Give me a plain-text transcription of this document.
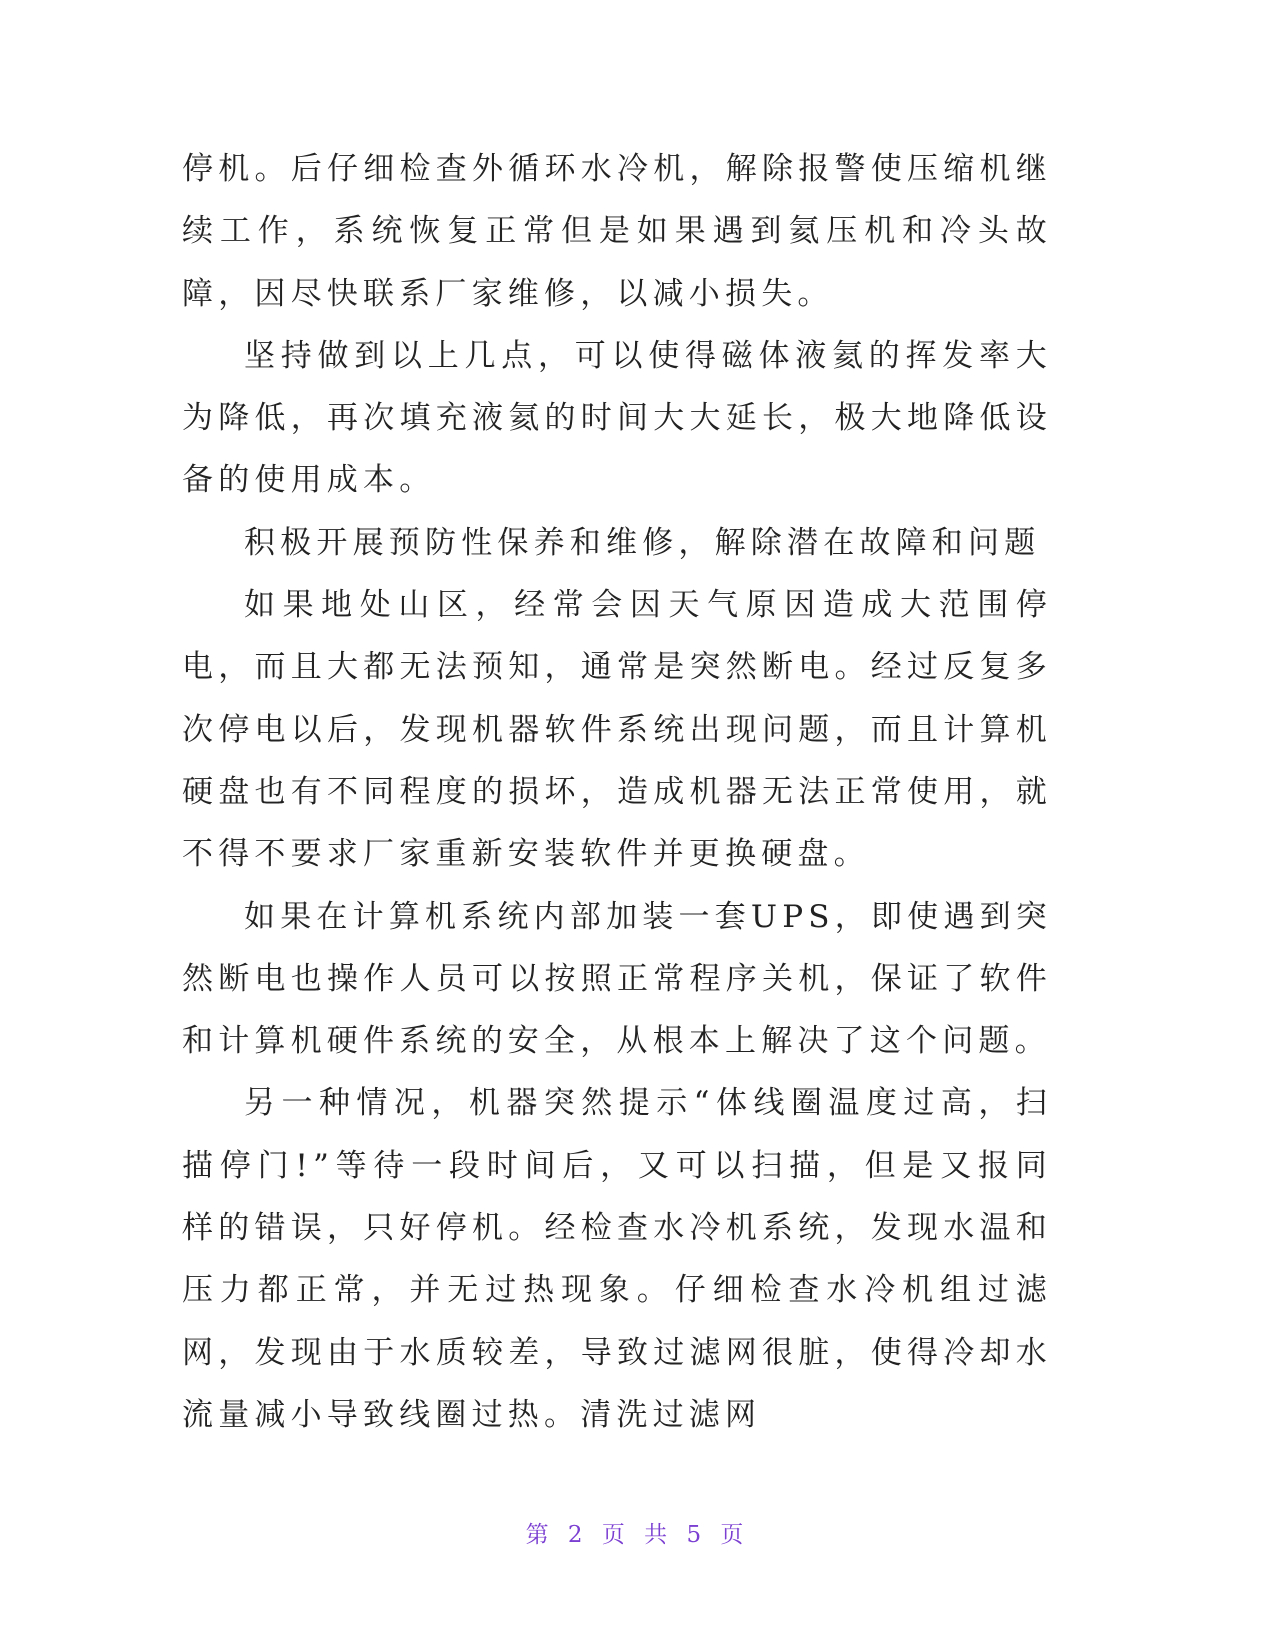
停机。后仔细检查外循环水冷机，解除报警使压缩机继续工作，系统恢复正常但是如果遇到氦压机和冷头故障，因尽快联系厂家维修，以减小损失。

坚持做到以上几点，可以使得磁体液氦的挥发率大为降低，再次填充液氦的时间大大延长，极大地降低设备的使用成本。

积极开展预防性保养和维修，解除潜在故障和问题

如果地处山区，经常会因天气原因造成大范围停电，而且大都无法预知，通常是突然断电。经过反复多次停电以后，发现机器软件系统出现问题，而且计算机硬盘也有不同程度的损坏，造成机器无法正常使用，就不得不要求厂家重新安装软件并更换硬盘。

如果在计算机系统内部加装一套UPS，即使遇到突然断电也操作人员可以按照正常程序关机，保证了软件和计算机硬件系统的安全，从根本上解决了这个问题。

另一种情况，机器突然提示“体线圈温度过高，扫描停门!”等待一段时间后，又可以扫描，但是又报同样的错误，只好停机。经检查水冷机系统，发现水温和压力都正常，并无过热现象。仔细检查水冷机组过滤网，发现由于水质较差，导致过滤网很脏，使得冷却水流量减小导致线圈过热。清洗过滤网

第 2 页 共 5 页
